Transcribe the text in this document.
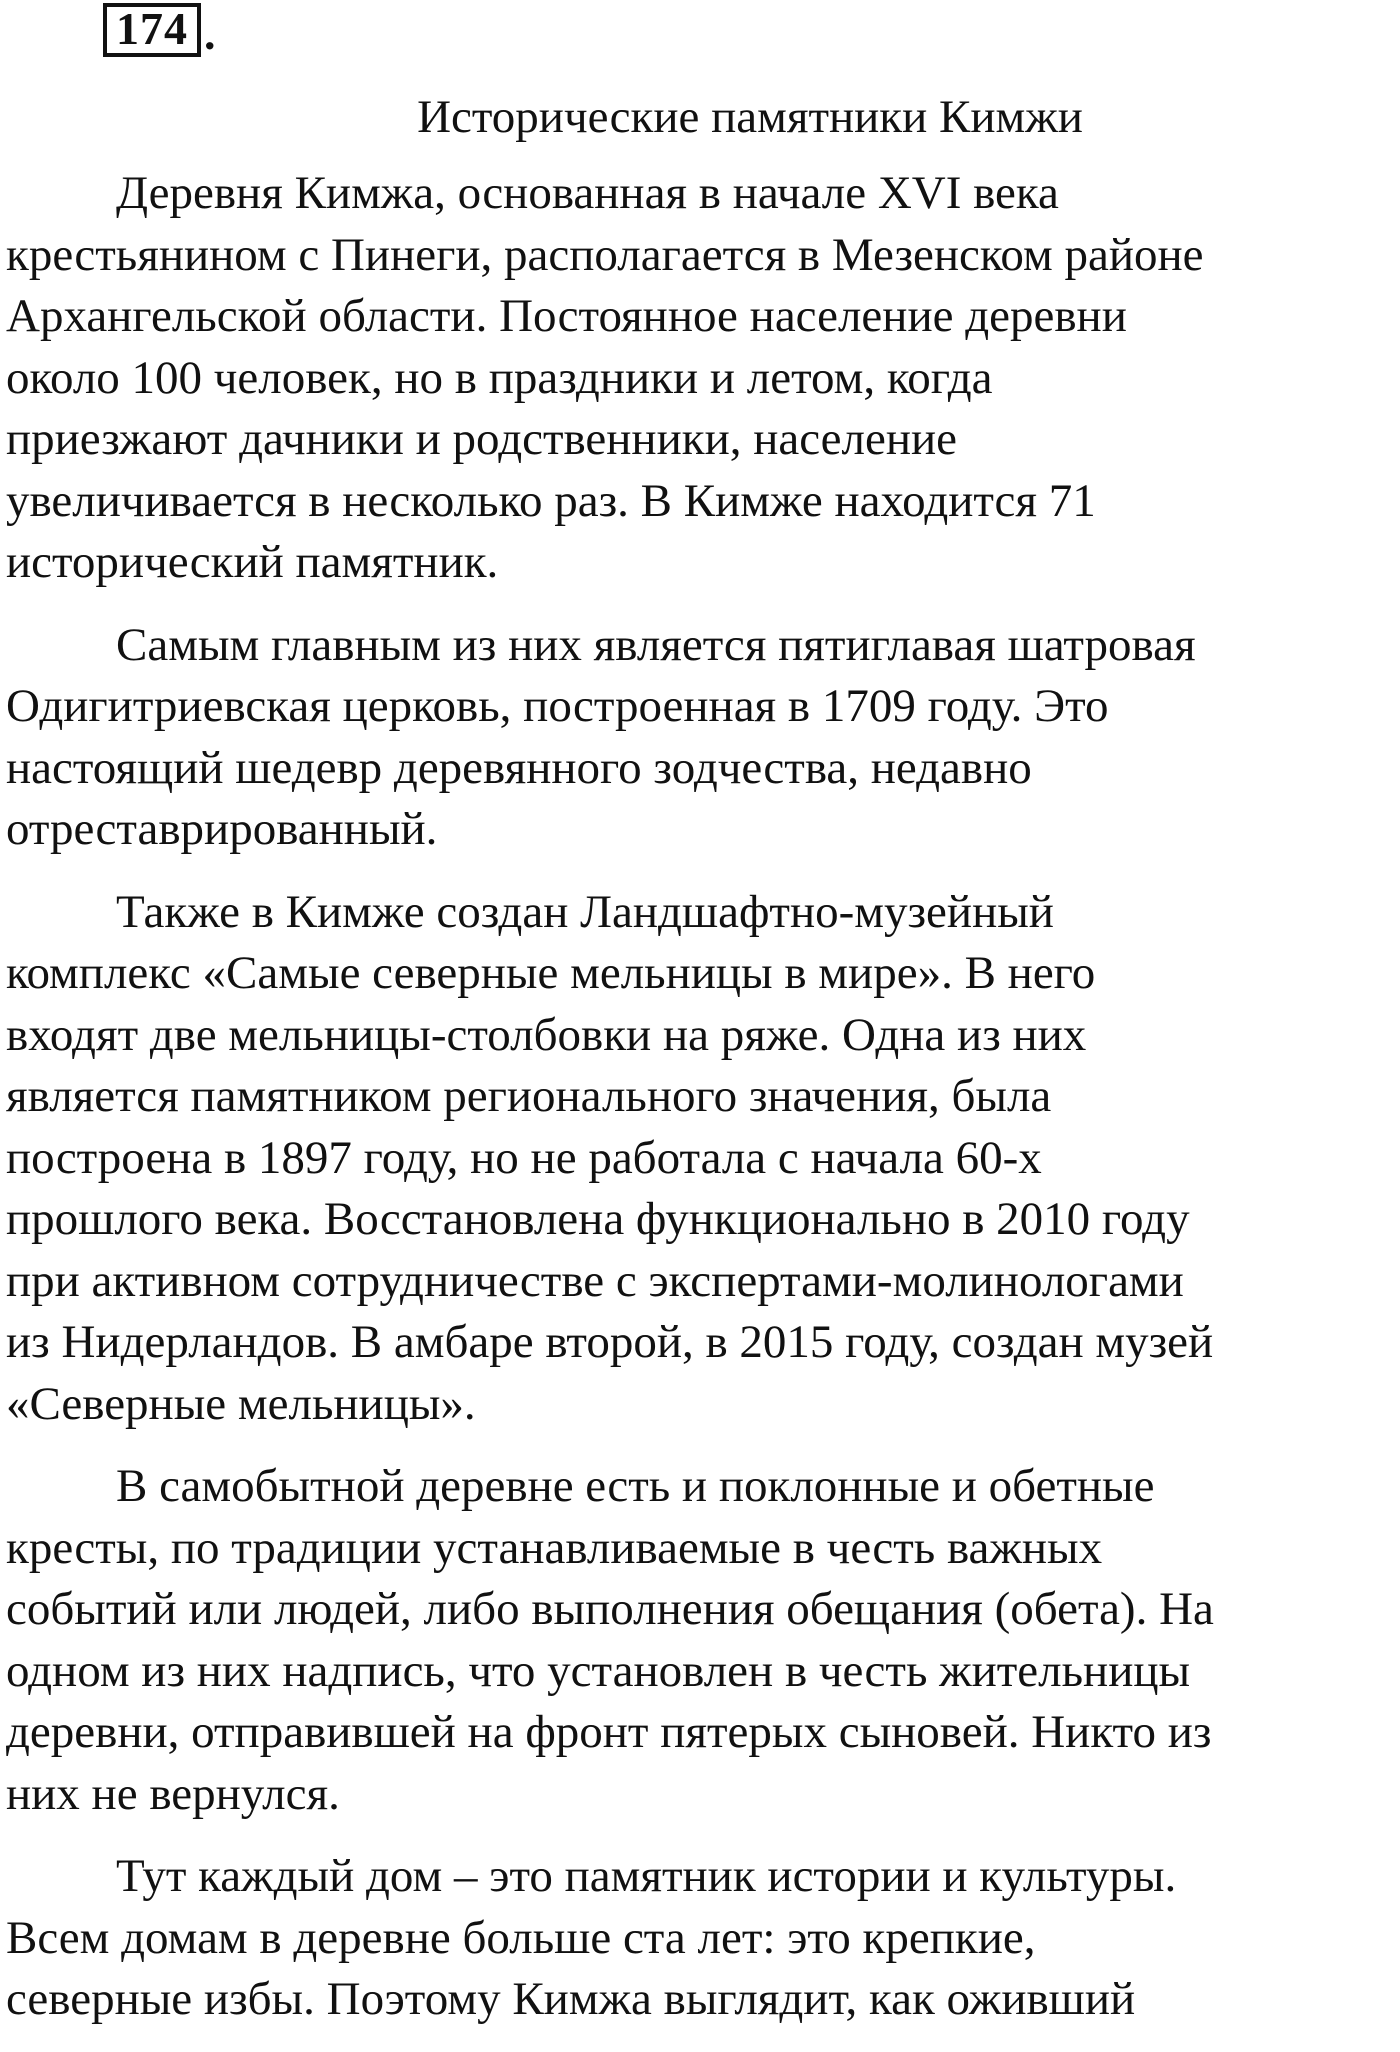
174 .
Исторические памятники Кимжи

Деревня Кимжа, основанная в начале XVI века
крестьянином с Пинеги, располагается в Мезенском районе
Архангельской области. Постоянное население деревни
около 100 человек, но в праздники и летом, когда
приезжают дачники и родственники, население
увеличивается в несколько раз. В Кимже находится 71
исторический памятник.

Самым главным из них является пятиглавая шатровая
Одигитриевская церковь, построенная в 1709 году. Это
настоящий шедевр деревянного зодчества, недавно
отреставрированный.

Также в Кимже создан Ландшафтно-музейный
комплекс «Самые северные мельницы в мире». В него
входят две мельницы-столбовки на ряже. Одна из них
является памятником регионального значения, была
построена в 1897 году, но не работала с начала 60-х
прошлого века. Восстановлена функционально в 2010 году
при активном сотрудничестве с экспертами-молинологами
из Нидерландов. В амбаре второй, в 2015 году, создан музей
«Северные мельницы».

В самобытной деревне есть и поклонные и обетные
кресты, по традиции устанавливаемые в честь важных
событий или людей, либо выполнения обещания (обета). На
одном из них надпись, что установлен в честь жительницы
деревни, отправившей на фронт пятерых сыновей. Никто из
них не вернулся.

Тут каждый дом – это памятник истории и культуры.
Всем домам в деревне больше ста лет: это крепкие,
северные избы. Поэтому Кимжа выглядит, как оживший
